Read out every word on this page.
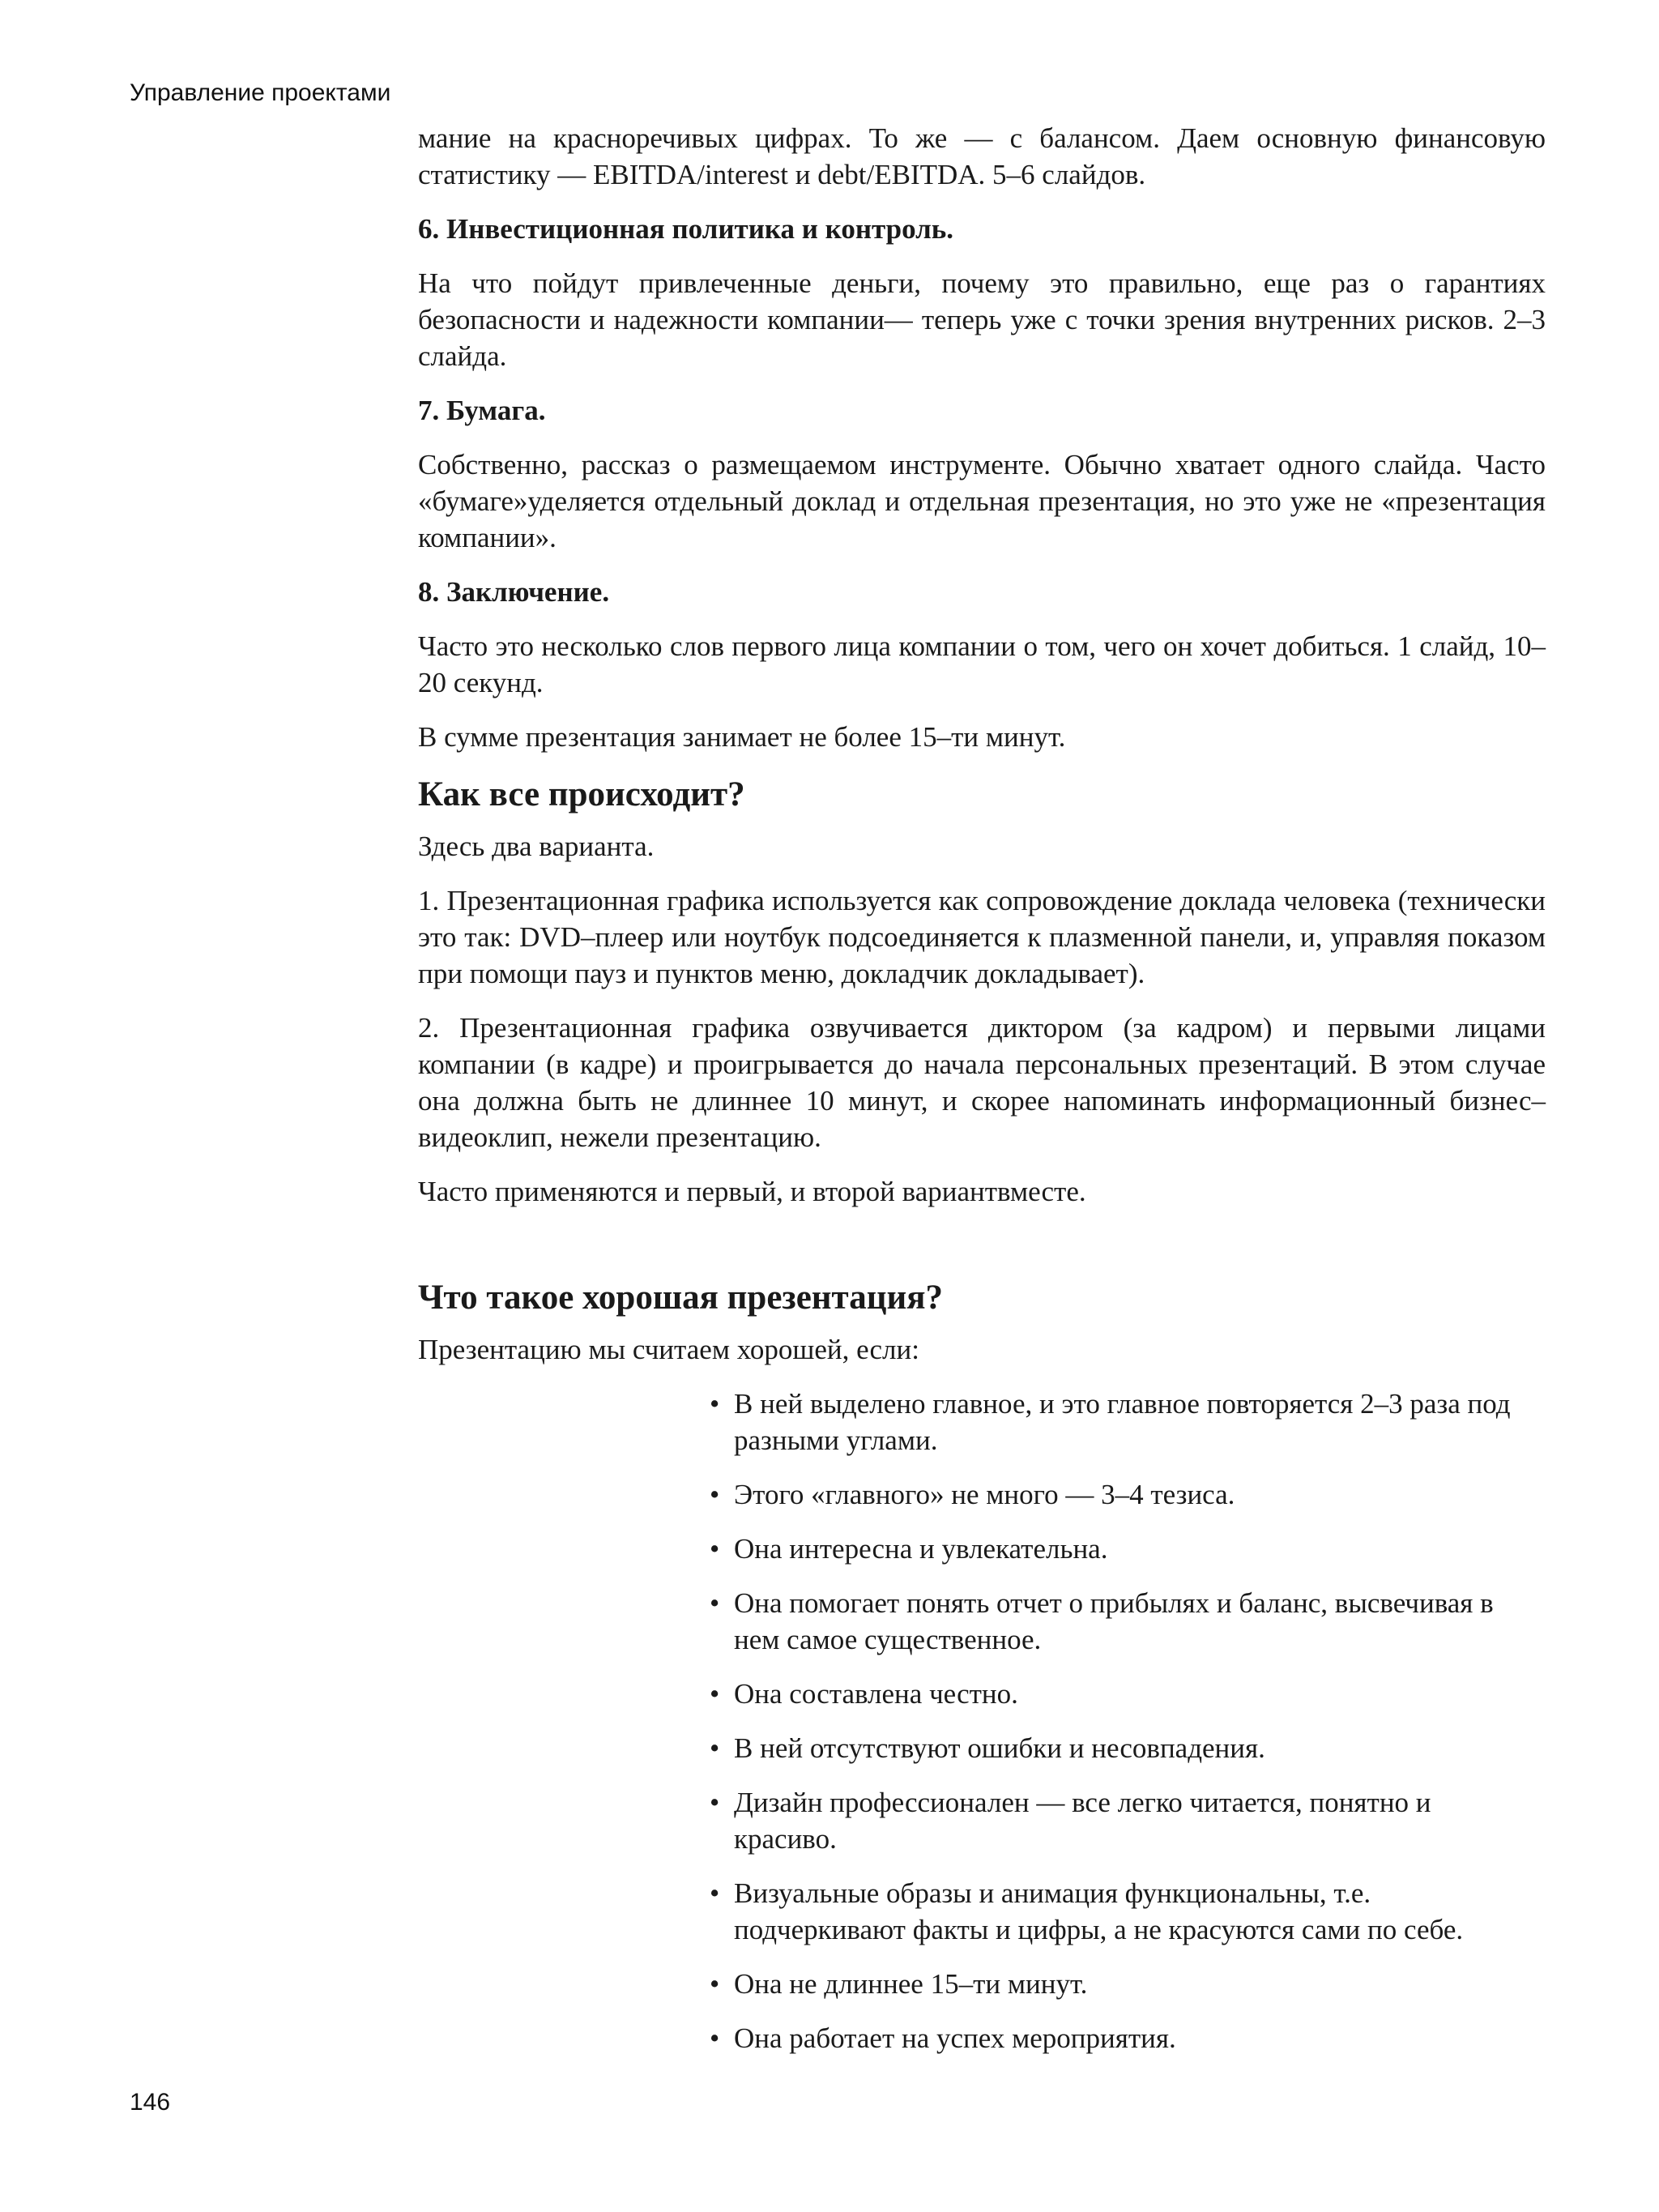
Управление проектами

мание на красноречивых цифрах. То же — с балансом. Даем основную финансовую статистику — EBITDA/interest и debt/EBITDA. 5–6 слайдов.

6. Инвестиционная политика и контроль.

На что пойдут привлеченные деньги, почему это правильно, еще раз о гарантиях безопасности и надежности компании— теперь уже с точки зрения внутренних рисков. 2–3 слайда.

7. Бумага.

Собственно, рассказ о размещаемом инструменте. Обычно хватает одного слайда. Часто «бумаге»уделяется отдельный доклад и отдельная презентация, но это уже не «презентация компании».

8. Заключение.

Часто это несколько слов первого лица компании о том, чего он хочет добиться. 1 слайд, 10–20 секунд.

В сумме презентация занимает не более 15–ти минут.

Как все происходит?

Здесь два варианта.

1. Презентационная графика используется как сопровождение доклада человека (технически это так: DVD–плеер или ноутбук подсоединяется к плазменной панели, и, управляя показом при помощи пауз и пунктов меню, докладчик докладывает).

2. Презентационная графика озвучивается диктором (за кадром) и первыми лицами компании (в кадре) и проигрывается до начала персональных презентаций. В этом случае она должна быть не длиннее 10 минут, и скорее напоминать информационный бизнес–видеоклип, нежели презентацию.

Часто применяются и первый, и второй вариантвместе.

Что такое хорошая презентация?

Презентацию мы считаем хорошей, если:

• В ней выделено главное, и это главное повторяется 2–3 раза под разными углами.
• Этого «главного» не много — 3–4 тезиса.
• Она интересна и увлекательна.
• Она помогает понять отчет о прибылях и баланс, высвечивая в нем самое существенное.
• Она составлена честно.
• В ней отсутствуют ошибки и несовпадения.
• Дизайн профессионален — все легко читается, понятно и красиво.
• Визуальные образы и анимация функциональны, т.е. подчеркивают факты и цифры, а не красуются сами по себе.
• Она не длиннее 15–ти минут.
• Она работает на успех мероприятия.
146
